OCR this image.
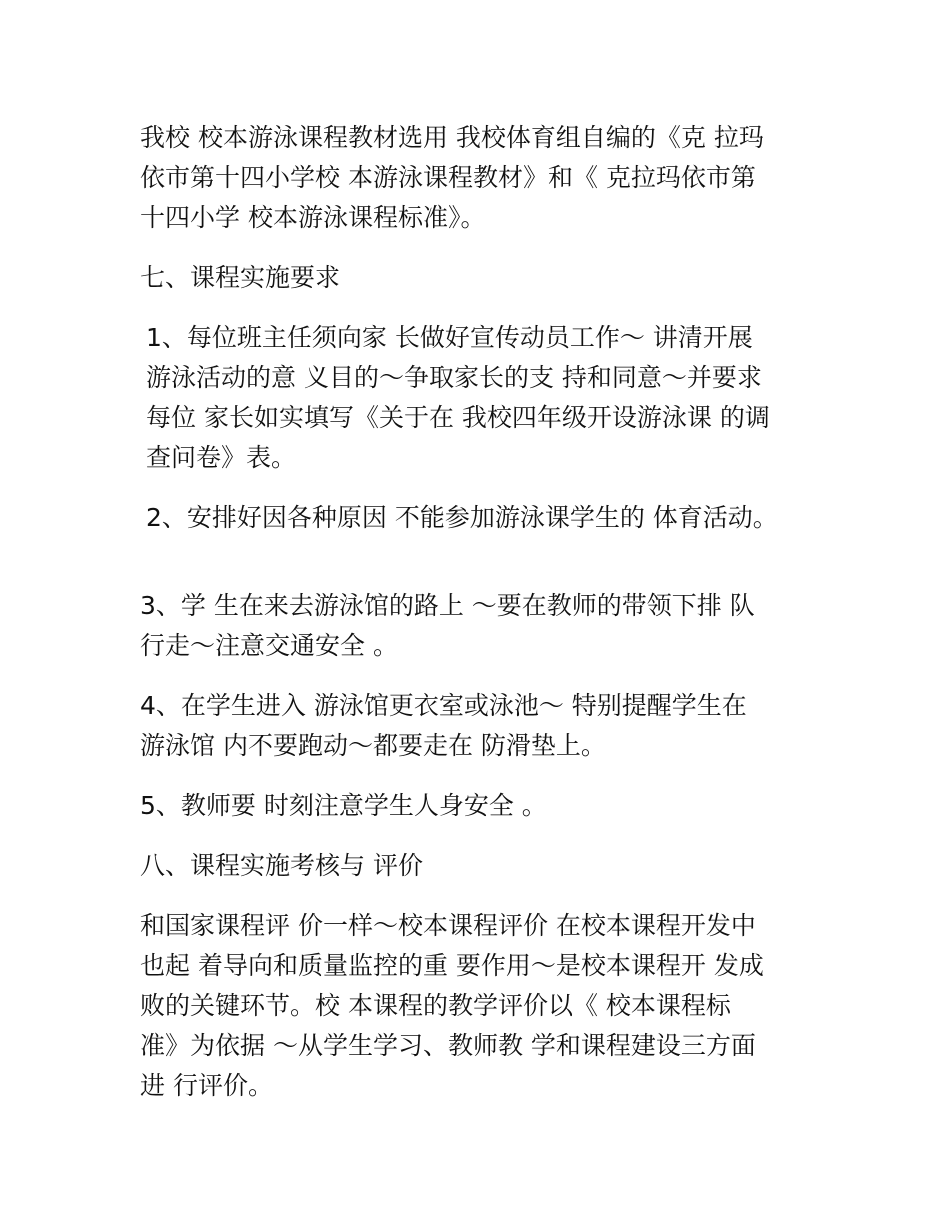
我校 校本游泳课程教材选用 我校体育组自编的《克 拉玛
依市第十四小学校 本游泳课程教材》和《 克拉玛依市第
十四小学 校本游泳课程标准》。
七、课程实施要求
1、每位班主任须向家 长做好宣传动员工作～ 讲清开展
游泳活动的意 义目的～争取家长的支 持和同意～并要求
每位 家长如实填写《关于在 我校四年级开设游泳课 的调
查问卷》表。
2、安排好因各种原因 不能参加游泳课学生的 体育活动。
3、学 生在来去游泳馆的路上 ～要在教师的带领下排 队
行走～注意交通安全 。
4、在学生进入 游泳馆更衣室或泳池～ 特别提醒学生在
游泳馆 内不要跑动～都要走在 防滑垫上。
5、教师要 时刻注意学生人身安全 。
八、课程实施考核与 评价
和国家课程评 价一样～校本课程评价 在校本课程开发中
也起 着导向和质量监控的重 要作用～是校本课程开 发成
败的关键环节。校 本课程的教学评价以《 校本课程标
准》为依据 ～从学生学习、教师教 学和课程建设三方面
进 行评价。
